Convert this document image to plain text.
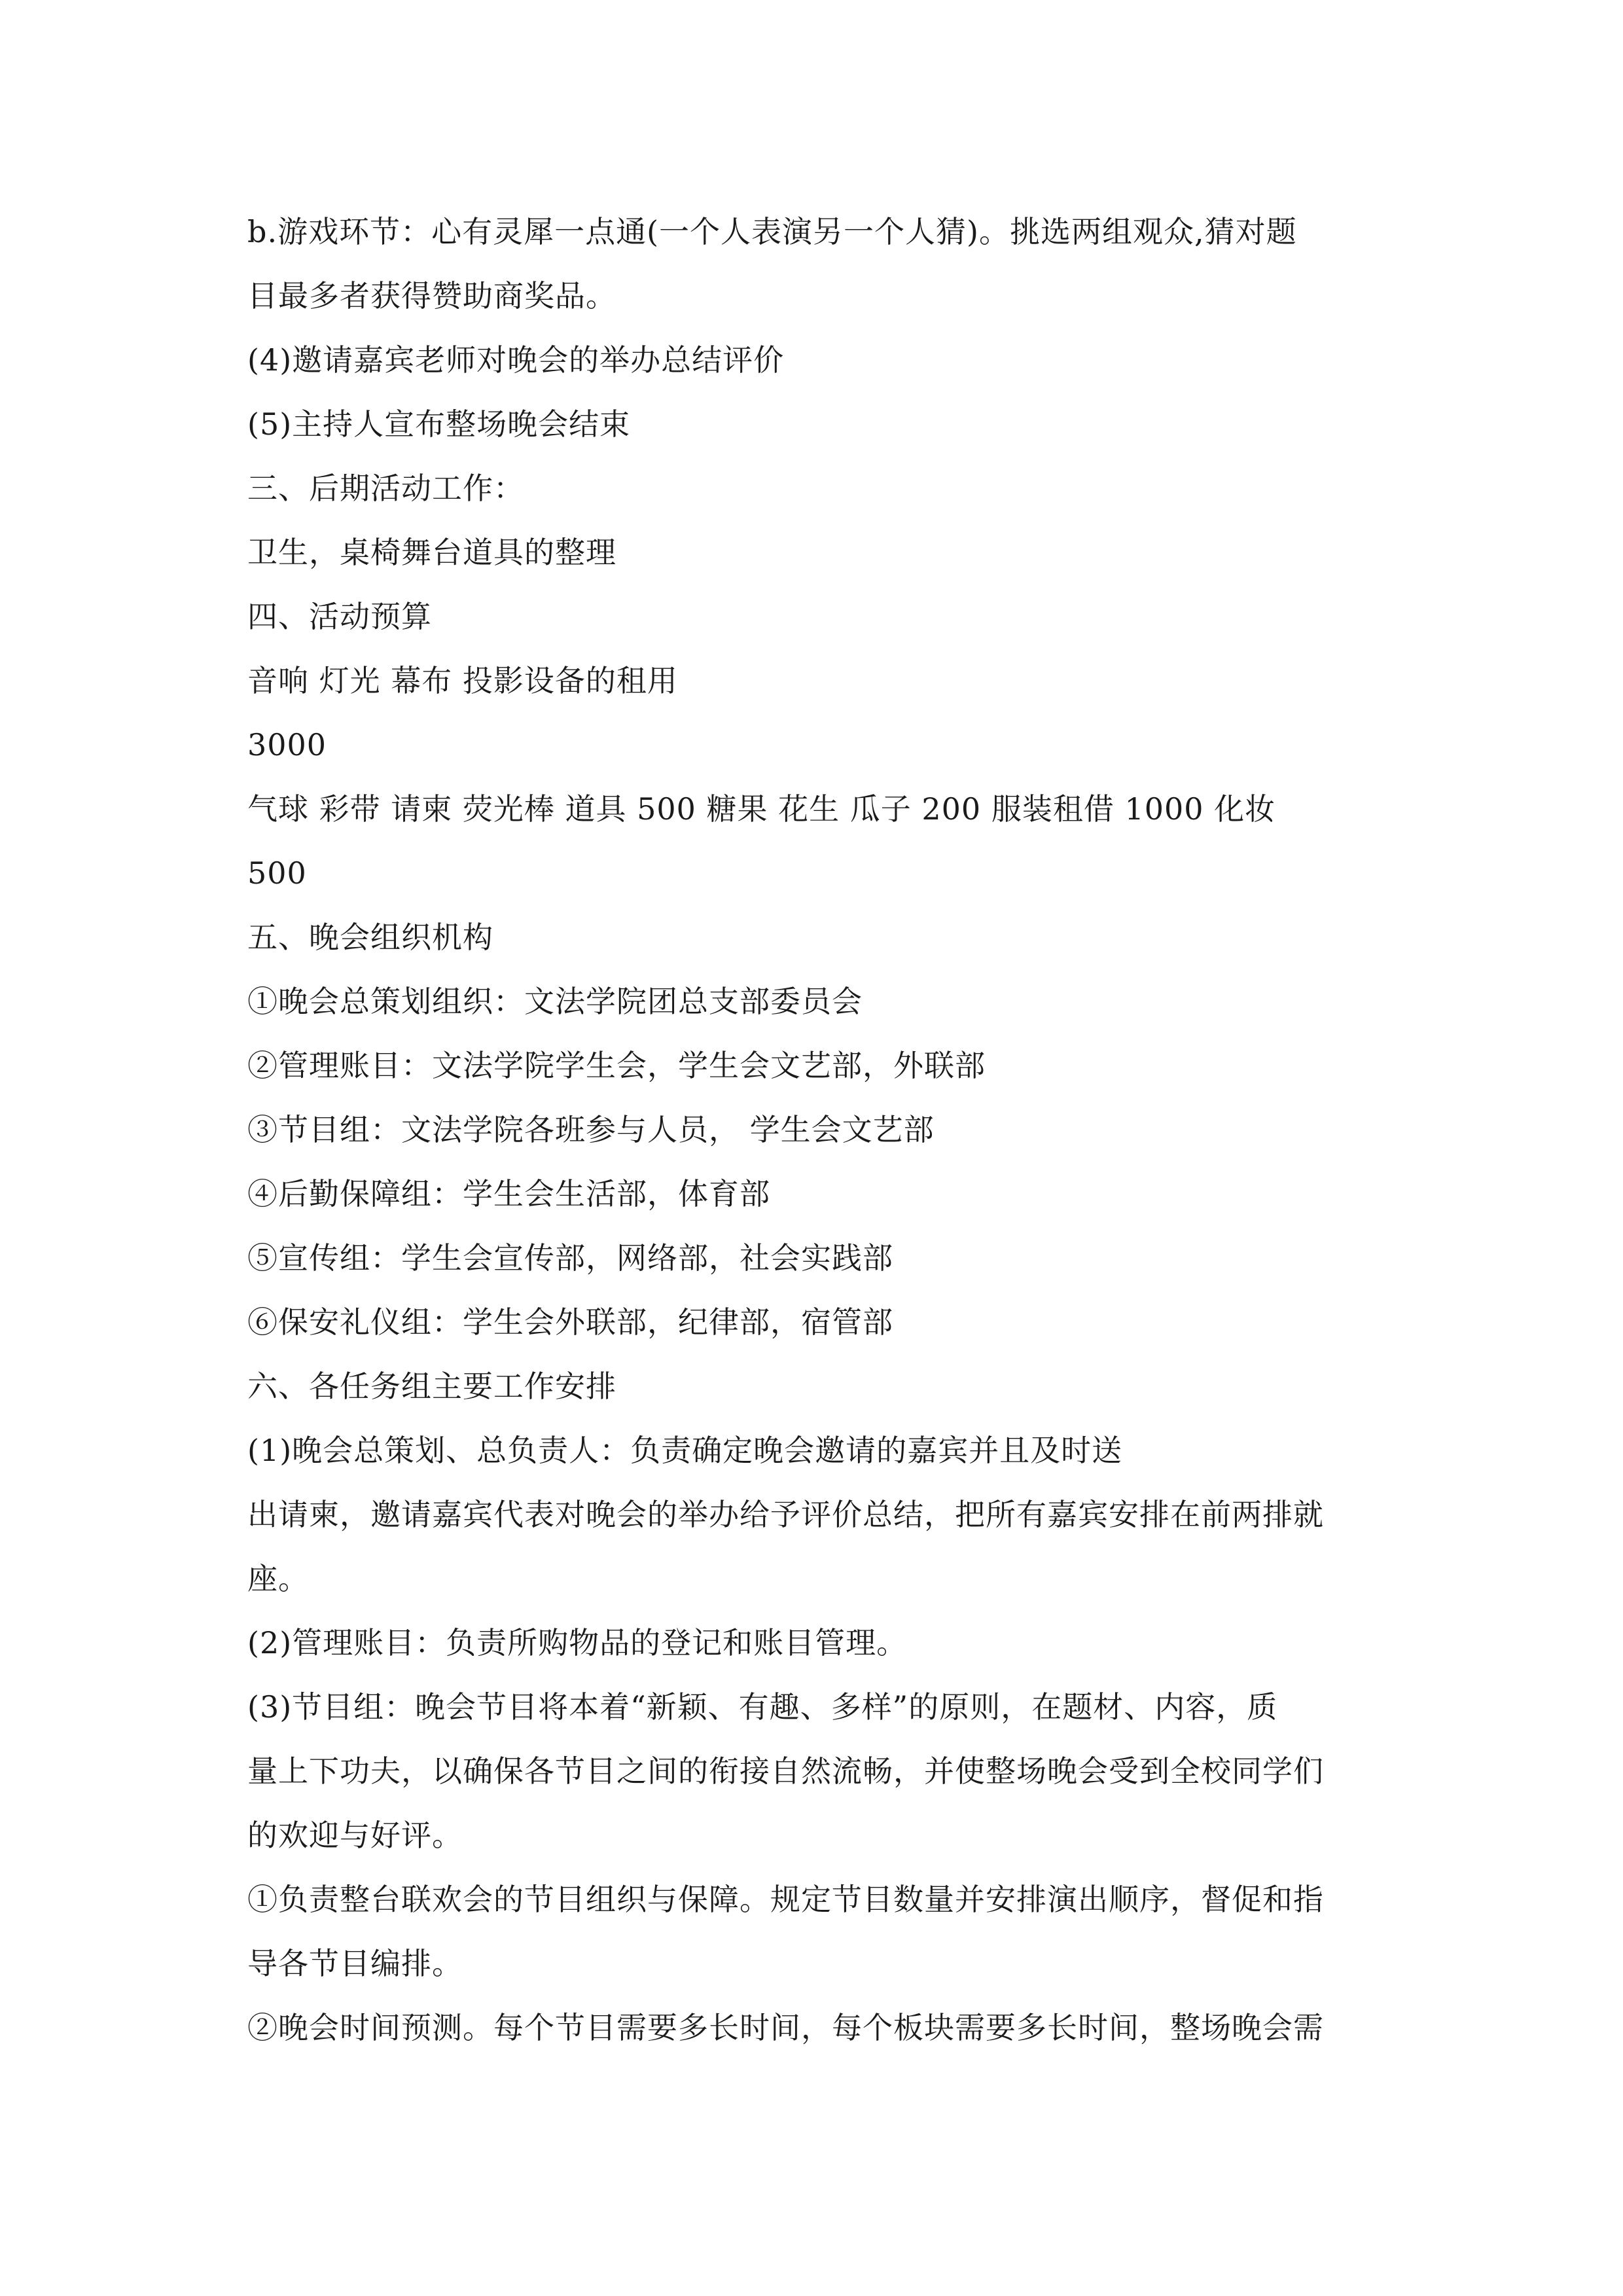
b.游戏环节：心有灵犀一点通(一个人表演另一个人猜)。挑选两组观众,猜对题
目最多者获得赞助商奖品。
(4)邀请嘉宾老师对晚会的举办总结评价
(5)主持人宣布整场晚会结束
三、后期活动工作：
卫生，桌椅舞台道具的整理
四、活动预算
音响 灯光 幕布 投影设备的租用
3000
气球 彩带 请柬 荧光棒 道具 500 糖果 花生 瓜子 200 服装租借 1000 化妆
500
五、晚会组织机构
①晚会总策划组织：文法学院团总支部委员会
②管理账目：文法学院学生会，学生会文艺部，外联部
③节目组：文法学院各班参与人员， 学生会文艺部
④后勤保障组：学生会生活部，体育部
⑤宣传组：学生会宣传部，网络部，社会实践部
⑥保安礼仪组：学生会外联部，纪律部，宿管部
六、各任务组主要工作安排
(1)晚会总策划、总负责人：负责确定晚会邀请的嘉宾并且及时送
出请柬，邀请嘉宾代表对晚会的举办给予评价总结，把所有嘉宾安排在前两排就
座。
(2)管理账目：负责所购物品的登记和账目管理。
(3)节目组：晚会节目将本着“新颖、有趣、多样”的原则，在题材、内容，质
量上下功夫，以确保各节目之间的衔接自然流畅，并使整场晚会受到全校同学们
的欢迎与好评。
①负责整台联欢会的节目组织与保障。规定节目数量并安排演出顺序，督促和指
导各节目编排。
②晚会时间预测。每个节目需要多长时间，每个板块需要多长时间，整场晚会需
